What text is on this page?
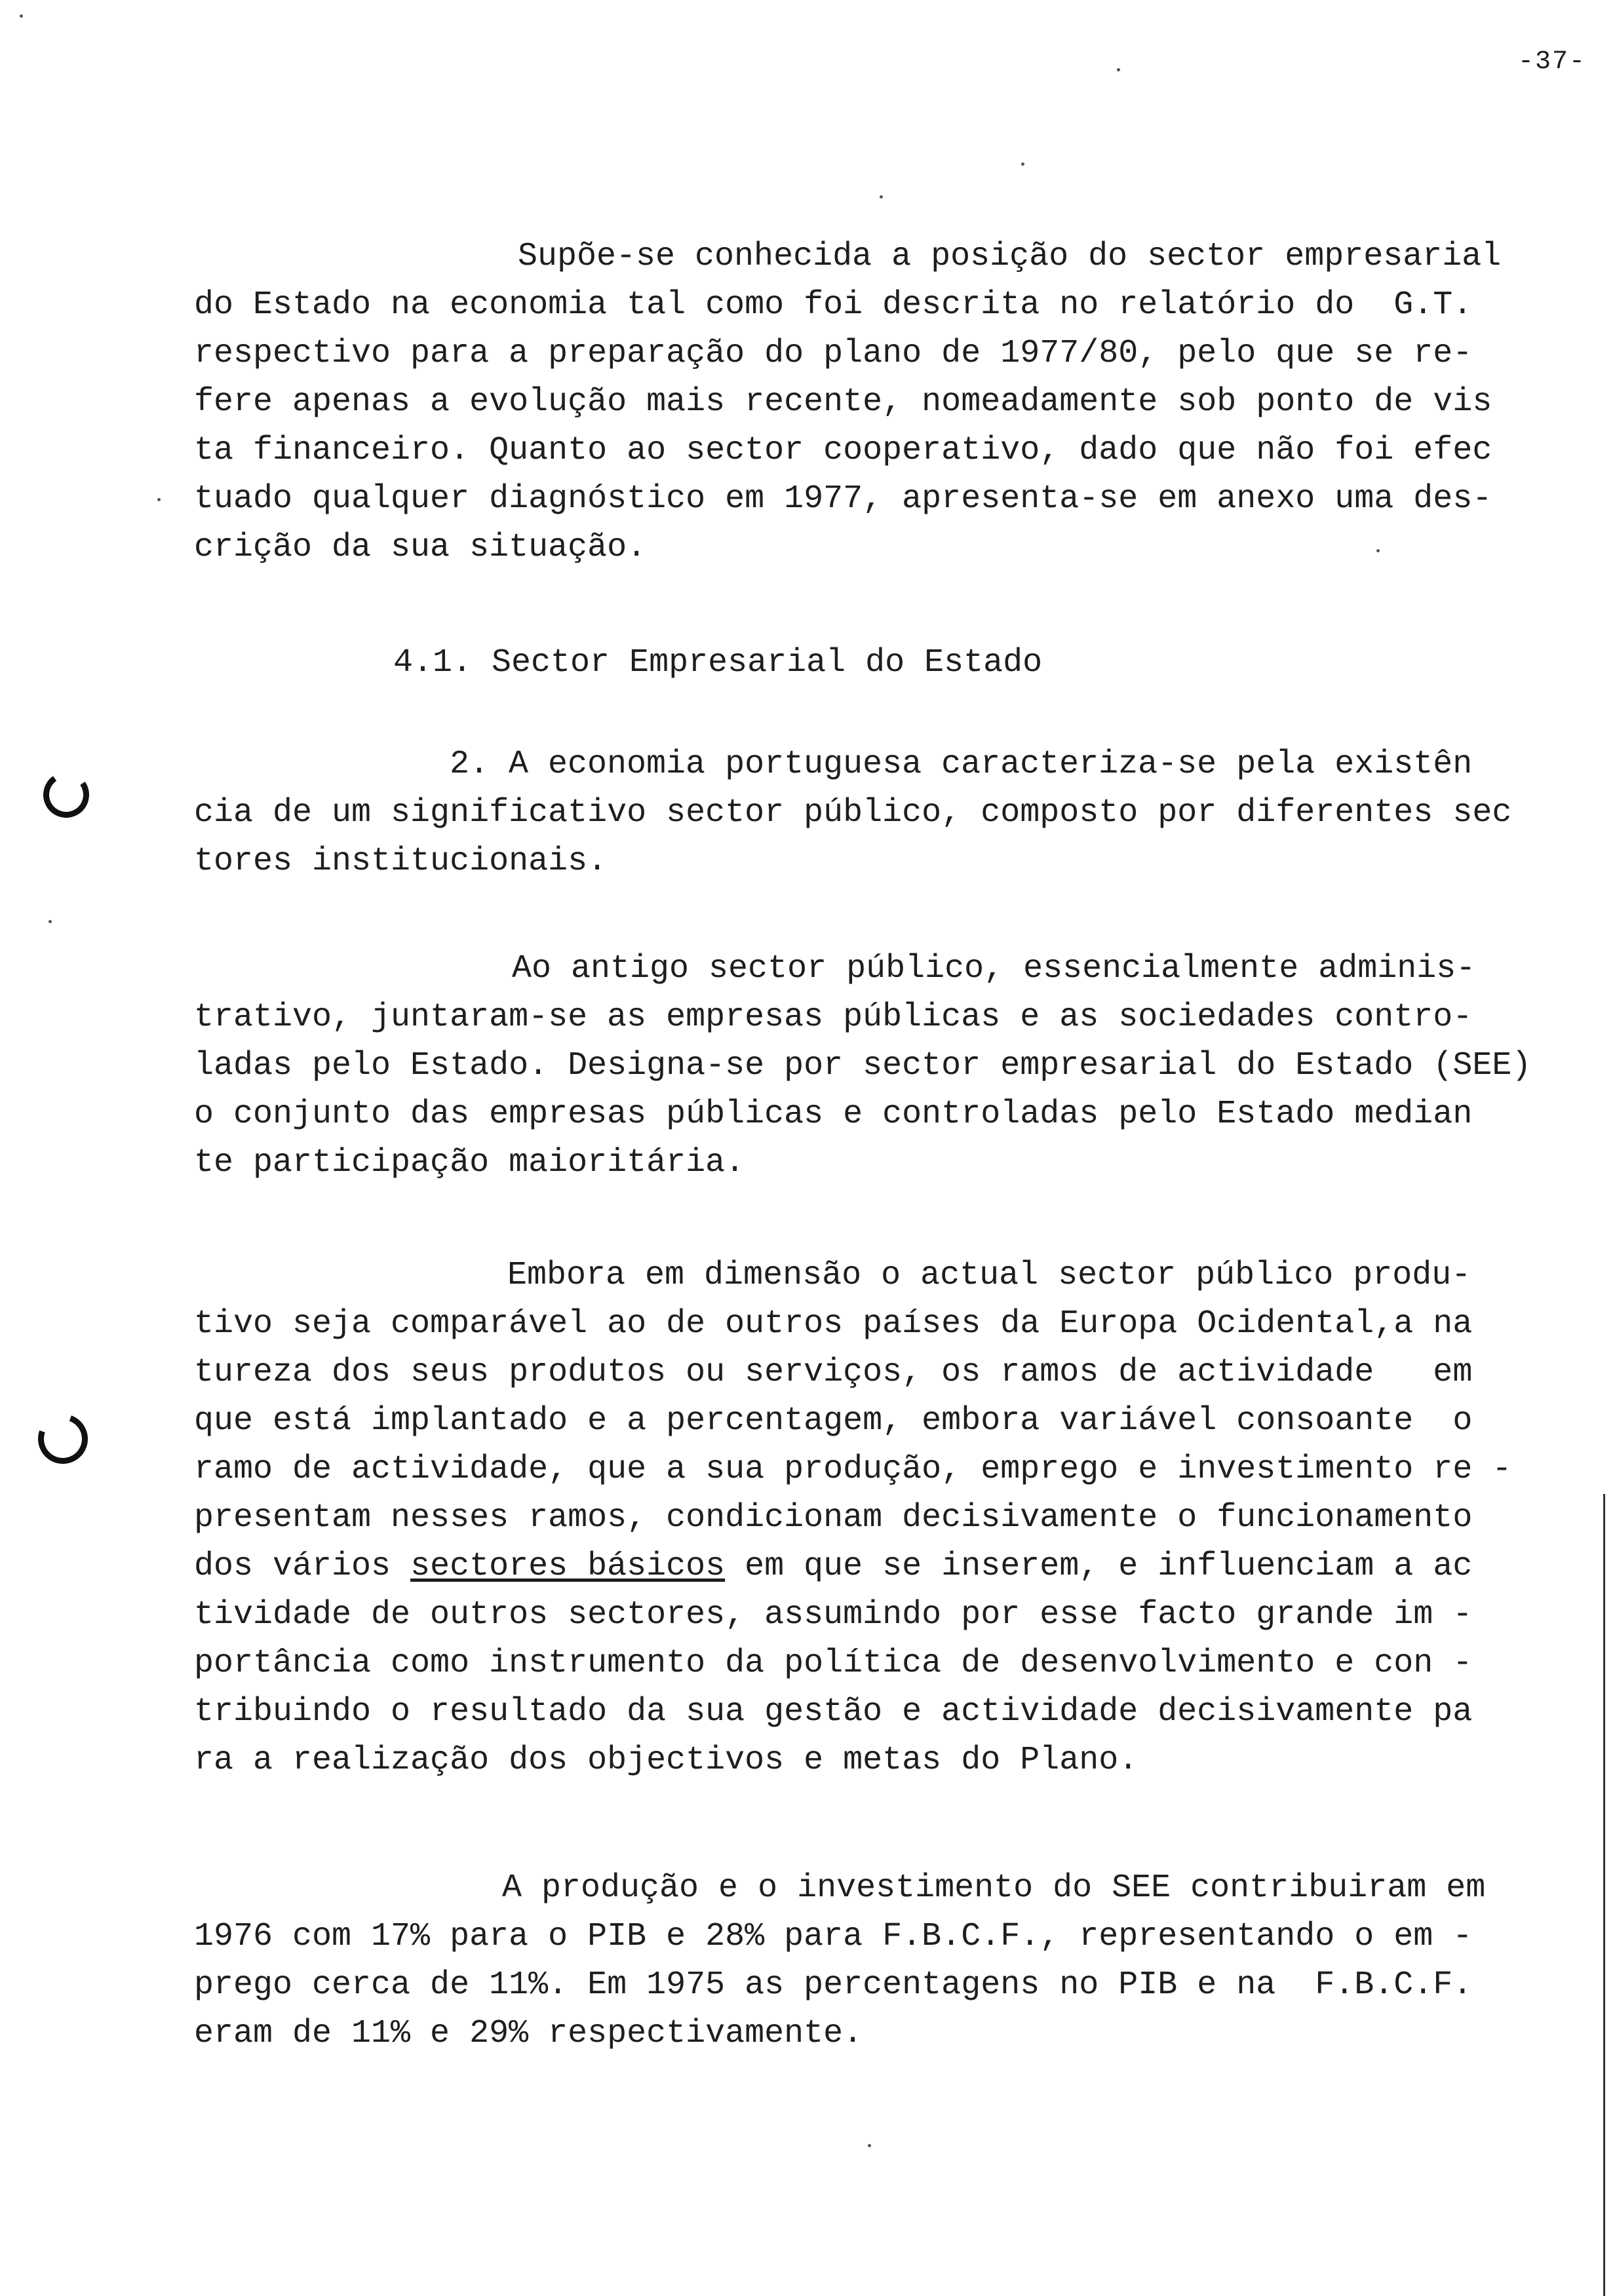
-37-
Supõe-se conhecida a posição do sector empresarial
do Estado na economia tal como foi descrita no relatório do  G.T.
respectivo para a preparação do plano de 1977/80, pelo que se re-
fere apenas a evolução mais recente, nomeadamente sob ponto de vis
ta financeiro. Quanto ao sector cooperativo, dado que não foi efec
tuado qualquer diagnóstico em 1977, apresenta-se em anexo uma des-
crição da sua situação.
4.1. Sector Empresarial do Estado
2. A economia portuguesa caracteriza-se pela existên
cia de um significativo sector público, composto por diferentes sec
tores institucionais.
Ao antigo sector público, essencialmente adminis-
trativo, juntaram-se as empresas públicas e as sociedades contro-
ladas pelo Estado. Designa-se por sector empresarial do Estado (SEE)
o conjunto das empresas públicas e controladas pelo Estado median
te participação maioritária.
Embora em dimensão o actual sector público produ-
tivo seja comparável ao de outros países da Europa Ocidental,a na
tureza dos seus produtos ou serviços, os ramos de actividade   em
que está implantado e a percentagem, embora variável consoante  o
ramo de actividade, que a sua produção, emprego e investimento re -
presentam nesses ramos, condicionam decisivamente o funcionamento
dos vários sectores básicos em que se inserem, e influenciam a ac
tividade de outros sectores, assumindo por esse facto grande im -
portância como instrumento da política de desenvolvimento e con -
tribuindo o resultado da sua gestão e actividade decisivamente pa
ra a realização dos objectivos e metas do Plano.
A produção e o investimento do SEE contribuiram em
1976 com 17% para o PIB e 28% para F.B.C.F., representando o em -
prego cerca de 11%. Em 1975 as percentagens no PIB e na  F.B.C.F.
eram de 11% e 29% respectivamente.
